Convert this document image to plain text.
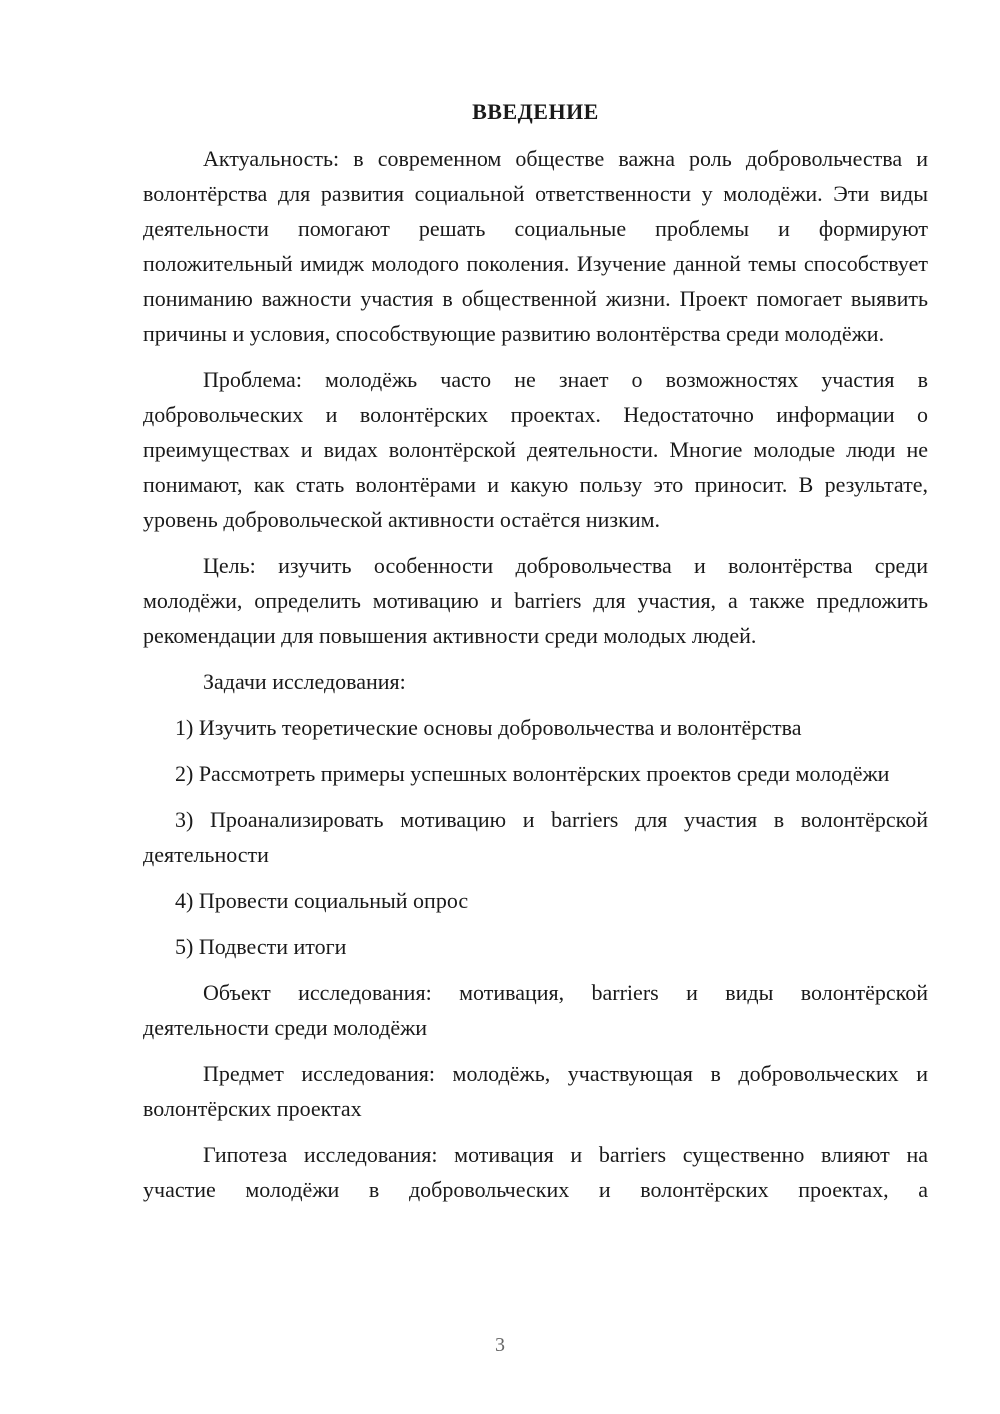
ВВЕДЕНИЕ

Актуальность: в современном обществе важна роль добровольчества и волонтёрства для развития социальной ответственности у молодёжи. Эти виды деятельности помогают решать социальные проблемы и формируют положительный имидж молодого поколения. Изучение данной темы способствует пониманию важности участия в общественной жизни. Проект помогает выявить причины и условия, способствующие развитию волонтёрства среди молодёжи.

Проблема: молодёжь часто не знает о возможностях участия в добровольческих и волонтёрских проектах. Недостаточно информации о преимуществах и видах волонтёрской деятельности. Многие молодые люди не понимают, как стать волонтёрами и какую пользу это приносит. В результате, уровень добровольческой активности остаётся низким.

Цель: изучить особенности добровольчества и волонтёрства среди молодёжи, определить мотивацию и barriers для участия, а также предложить рекомендации для повышения активности среди молодых людей.

Задачи исследования:

1) Изучить теоретические основы добровольчества и волонтёрства

2) Рассмотреть примеры успешных волонтёрских проектов среди молодёжи

3) Проанализировать мотивацию и barriers для участия в волонтёрской деятельности

4) Провести социальный опрос

5) Подвести итоги

Объект исследования: мотивация, barriers и виды волонтёрской деятельности среди молодёжи

Предмет исследования: молодёжь, участвующая в добровольческих и волонтёрских проектах

Гипотеза исследования: мотивация и barriers существенно влияют на участие молодёжи в добровольческих и волонтёрских проектах, а

3
